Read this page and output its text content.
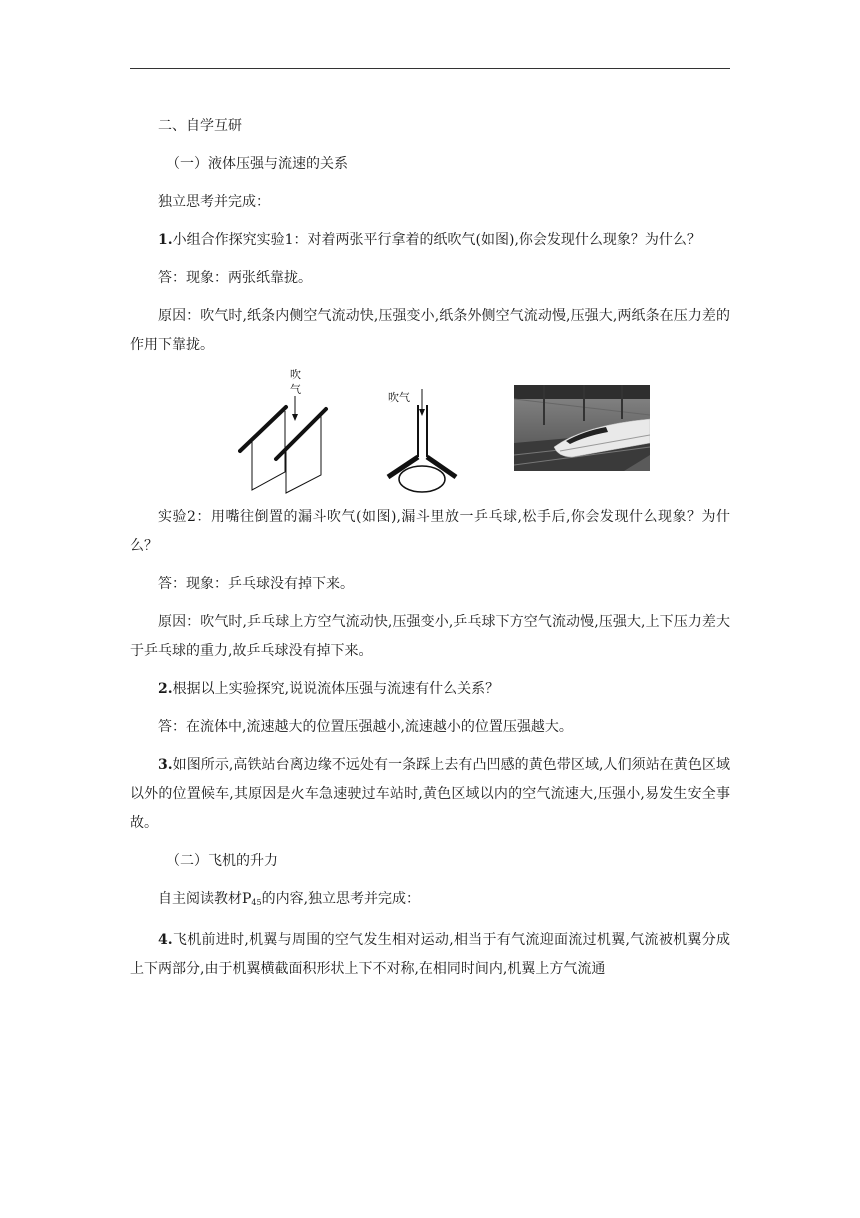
二、自学互研
（一）液体压强与流速的关系
独立思考并完成：

1.小组合作探究实验1：对着两张平行拿着的纸吹气(如图),你会发现什么现象？为什么？

答：现象：两张纸靠拢。

原因：吹气时,纸条内侧空气流动快,压强变小,纸条外侧空气流动慢,压强大,两纸条在压力差的作用下靠拢。

吹
气
吹气

实验2：用嘴往倒置的漏斗吹气(如图),漏斗里放一乒乓球,松手后,你会发现什么现象？为什么？

答：现象：乒乓球没有掉下来。

原因：吹气时,乒乓球上方空气流动快,压强变小,乒乓球下方空气流动慢,压强大,上下压力差大于乒乓球的重力,故乒乓球没有掉下来。

2.根据以上实验探究,说说流体压强与流速有什么关系？

答：在流体中,流速越大的位置压强越小,流速越小的位置压强越大。

3.如图所示,高铁站台离边缘不远处有一条踩上去有凸凹感的黄色带区域,人们须站在黄色区域以外的位置候车,其原因是火车急速驶过车站时,黄色区域以内的空气流速大,压强小,易发生安全事故。

（二）飞机的升力
自主阅读教材$P_{45}$的内容,独立思考并完成：

4.飞机前进时,机翼与周围的空气发生相对运动,相当于有气流迎面流过机翼,气流被机翼分成上下两部分,由于机翼横截面积形状上下不对称,在相同时间内,机翼上方气流通
